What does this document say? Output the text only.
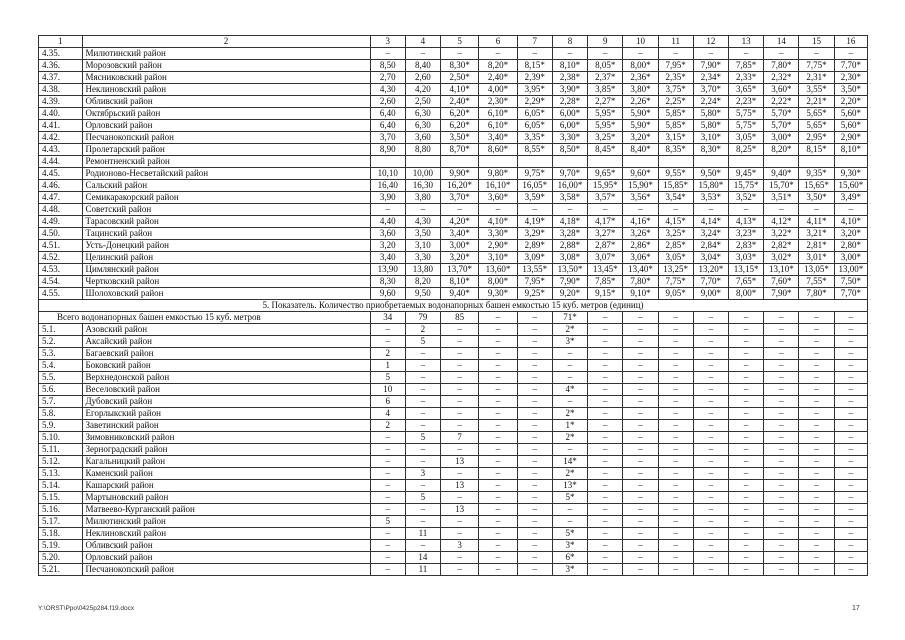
1	2	3	4	5	6	7	8	9	10	11	12	13	14	15	16
4.35.	Милютинский район	–	–	–	–	–	–	–	–	–	–	–	–	–	–
4.36.	Морозовский район	8,50	8,40	8,30*	8,20*	8,15*	8,10*	8,05*	8,00*	7,95*	7,90*	7,85*	7,80*	7,75*	7,70*
4.37.	Мясниковский район	2,70	2,60	2,50*	2,40*	2,39*	2,38*	2,37*	2,36*	2,35*	2,34*	2,33*	2,32*	2,31*	2,30*
4.38.	Неклиновский район	4,30	4,20	4,10*	4,00*	3,95*	3,90*	3,85*	3,80*	3,75*	3,70*	3,65*	3,60*	3,55*	3,50*
4.39.	Обливский район	2,60	2,50	2,40*	2,30*	2,29*	2,28*	2,27*	2,26*	2,25*	2,24*	2,23*	2,22*	2,21*	2,20*
4.40.	Октябрьский район	6,40	6,30	6,20*	6,10*	6,05*	6,00*	5,95*	5,90*	5,85*	5,80*	5,75*	5,70*	5,65*	5,60*
4.41.	Орловский район	6,40	6,30	6,20*	6,10*	6,05*	6,00*	5,95*	5,90*	5,85*	5,80*	5,75*	5,70*	5,65*	5,60*
4.42.	Песчанокопский район	3,70	3,60	3,50*	3,40*	3,35*	3,30*	3,25*	3,20*	3,15*	3,10*	3,05*	3,00*	2,95*	2,90*
4.43.	Пролетарский район	8,90	8,80	8,70*	8,60*	8,55*	8,50*	8,45*	8,40*	8,35*	8,30*	8,25*	8,20*	8,15*	8,10*
4.44.	Ремонтненский район														
4.45.	Родионово-Несветайский район	10,10	10,00	9,90*	9,80*	9,75*	9,70*	9,65*	9,60*	9,55*	9,50*	9,45*	9,40*	9,35*	9,30*
4.46.	Сальский район	16,40	16,30	16,20*	16,10*	16,05*	16,00*	15,95*	15,90*	15,85*	15,80*	15,75*	15,70*	15,65*	15,60*
4.47.	Семикаракорский район	3,90	3,80	3,70*	3,60*	3,59*	3,58*	3,57*	3,56*	3,54*	3,53*	3,52*	3,51*	3,50*	3,49*
4.48.	Советский район	–	–	–	–	–	–	–	–	–	–	–	–	–	–
4.49.	Тарасовский район	4,40	4,30	4,20*	4,10*	4,19*	4,18*	4,17*	4,16*	4,15*	4,14*	4,13*	4,12*	4,11*	4,10*
4.50.	Тацинский район	3,60	3,50	3,40*	3,30*	3,29*	3,28*	3,27*	3,26*	3,25*	3,24*	3,23*	3,22*	3,21*	3,20*
4.51.	Усть-Донецкий район	3,20	3,10	3,00*	2,90*	2,89*	2,88*	2,87*	2,86*	2,85*	2,84*	2,83*	2,82*	2,81*	2,80*
4.52.	Целинский район	3,40	3,30	3,20*	3,10*	3,09*	3,08*	3,07*	3,06*	3,05*	3,04*	3,03*	3,02*	3,01*	3,00*
4.53.	Цимлянский район	13,90	13,80	13,70*	13,60*	13,55*	13,50*	13,45*	13,40*	13,25*	13,20*	13,15*	13,10*	13,05*	13,00*
4.54.	Чертковский район	8,30	8,20	8,10*	8,00*	7,95*	7,90*	7,85*	7,80*	7,75*	7,70*	7,65*	7,60*	7,55*	7,50*
4.55.	Шолоховский район	9,60	9,50	9,40*	9,30*	9,25*	9,20*	9,15*	9,10*	9,05*	9,00*	8,00*	7,90*	7,80*	7,70*
5. Показатель. Количество приобретаемых водонапорных башен емкостью 15 куб. метров (единиц)															
Всего водонапорных башен емкостью 15 куб. метров		34	79	85	–	–	71*	–	–	–	–	–	–	–	–
5.1.	Азовский район	–	2	–	–	–	2*	–	–	–	–	–	–	–	–
5.2.	Аксайский район	–	5	–	–	–	3*	–	–	–	–	–	–	–	–
5.3.	Багаевский район	2	–	–	–	–	–	–	–	–	–	–	–	–	–
5.4.	Боковский район	1	–	–	–	–	–	–	–	–	–	–	–	–	–
5.5.	Верхнедонской район	5	–	–	–	–	–	–	–	–	–	–	–	–	–
5.6.	Веселовский район	10	–	–	–	–	4*	–	–	–	–	–	–	–	–
5.7.	Дубовский район	6	–	–	–	–	–	–	–	–	–	–	–	–	–
5.8.	Егорлыкский район	4	–	–	–	–	2*	–	–	–	–	–	–	–	–
5.9.	Заветинский район	2	–	–	–	–	1*	–	–	–	–	–	–	–	–
5.10.	Зимовниковский район	–	5	7	–	–	2*	–	–	–	–	–	–	–	–
5.11.	Зерноградский район	–	–	–	–	–	–	–	–	–	–	–	–	–	–
5.12.	Кагальницкий район	–	–	13	–	–	14*	–	–	–	–	–	–	–	–
5.13.	Каменский район	–	3	–	–	–	2*	–	–	–	–	–	–	–	–
5.14.	Кашарский район	–	–	13	–	–	13*	–	–	–	–	–	–	–	–
5.15.	Мартыновский район	–	5	–	–	–	5*	–	–	–	–	–	–	–	–
5.16.	Матвеево-Курганский район	–	–	13	–	–	–	–	–	–	–	–	–	–	–
5.17.	Милютинский район	5	–	–	–	–	–	–	–	–	–	–	–	–	–
5.18.	Неклиновский район	–	11	–	–	–	5*	–	–	–	–	–	–	–	–
5.19.	Обливский район	–	–	3	–	–	3*	–	–	–	–	–	–	–	–
5.20.	Орловский район	–	14	–	–	–	6*	–	–	–	–	–	–	–	–
5.21.	Песчанокопский район	–	11	–	–	–	3*	–	–	–	–	–	–	–	–
Y:\ORST\Ppo\0425p284.f19.docx	17
